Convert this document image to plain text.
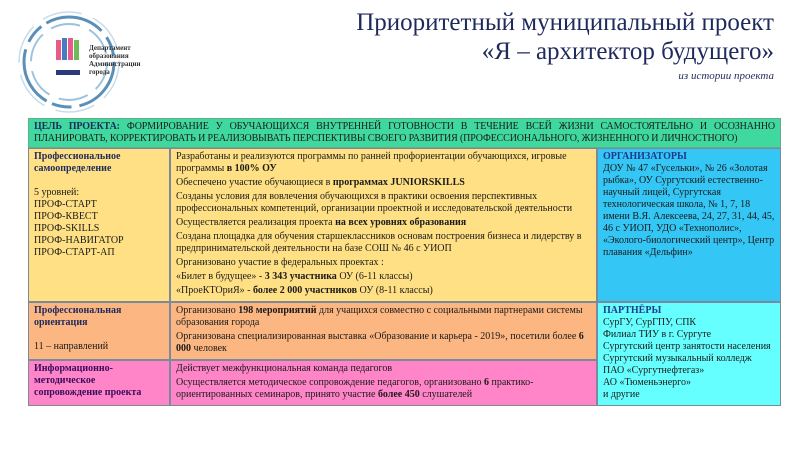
Департамент
образования
Администрации
города
Приоритетный муниципальный проект
«Я – архитектор будущего»
из истории проекта
ЦЕЛЬ ПРОЕКТА: ФОРМИРОВАНИЕ У ОБУЧАЮЩИХСЯ ВНУТРЕННЕЙ ГОТОВНОСТИ В ТЕЧЕНИЕ ВСЕЙ ЖИЗНИ САМОСТОЯТЕЛЬНО И ОСОЗНАННО ПЛАНИРОВАТЬ, КОРРЕКТИРОВАТЬ И РЕАЛИЗОВЫВАТЬ ПЕРСПЕКТИВЫ СВОЕГО РАЗВИТИЯ (ПРОФЕССИОНАЛЬНОГО, ЖИЗНЕННОГО И ЛИЧНОСТНОГО)
Профессиональное самоопределение

5 уровней:
ПРОФ-СТАРТ
ПРОФ-КВЕСТ
ПРОФ-SKILLS
ПРОФ-НАВИГАТОР
ПРОФ-СТАРТ-АП
Разработаны и реализуются программы по ранней профориентации обучающихся, игровые программы в 100% ОУ
Обеспечено участие обучающиеся в программах JUNIORSKILLS
Созданы условия для вовлечения обучающихся в практики освоения перспективных профессиональных компетенций, организации проектной и исследовательской деятельности
Осуществляется реализация проекта на всех уровнях образования
Создана площадка для обучения старшеклассников основам построения бизнеса и лидерству в предпринимательской деятельности на базе СОШ № 46 с УИОП
Организовано участие в федеральных проектах :
«Билет в будущее» - 3 343 участника ОУ (6-11 классы)
«ПроеКТОриЯ» - более 2 000 участников ОУ (8-11 классы)
Профессиональная ориентация

11 – направлений
Организовано 198 мероприятий для учащихся совместно с социальными партнерами системы образования города
Организована специализированная выставка «Образование и карьера - 2019», посетили более 6 000 человек
Информационно-методическое сопровождение проекта
Действует межфункциональная команда педагогов
Осуществляется методическое сопровождение педагогов, организовано 6 практико-ориентированных семинаров, принято участие более 450 слушателей
ОРГАНИЗАТОРЫ
ДОУ № 47 «Гусельки», № 26 «Золотая рыбка», ОУ Сургутский естественно-научный лицей, Сургутская технологическая школа, № 1, 7, 18 имени В.Я. Алексеева, 24, 27, 31, 44, 45, 46 с УИОП, УДО «Технополис», «Эколого-биологический центр», Центр плавания «Дельфин»
ПАРТНЁРЫ
СурГУ, СурГПУ, СПК
Филиал ТИУ в г. Сургуте
Сургутский центр занятости населения
Сургутский музыкальный колледж
ПАО «Сургутнефтегаз»
АО «Тюменьэнерго»
и другие
